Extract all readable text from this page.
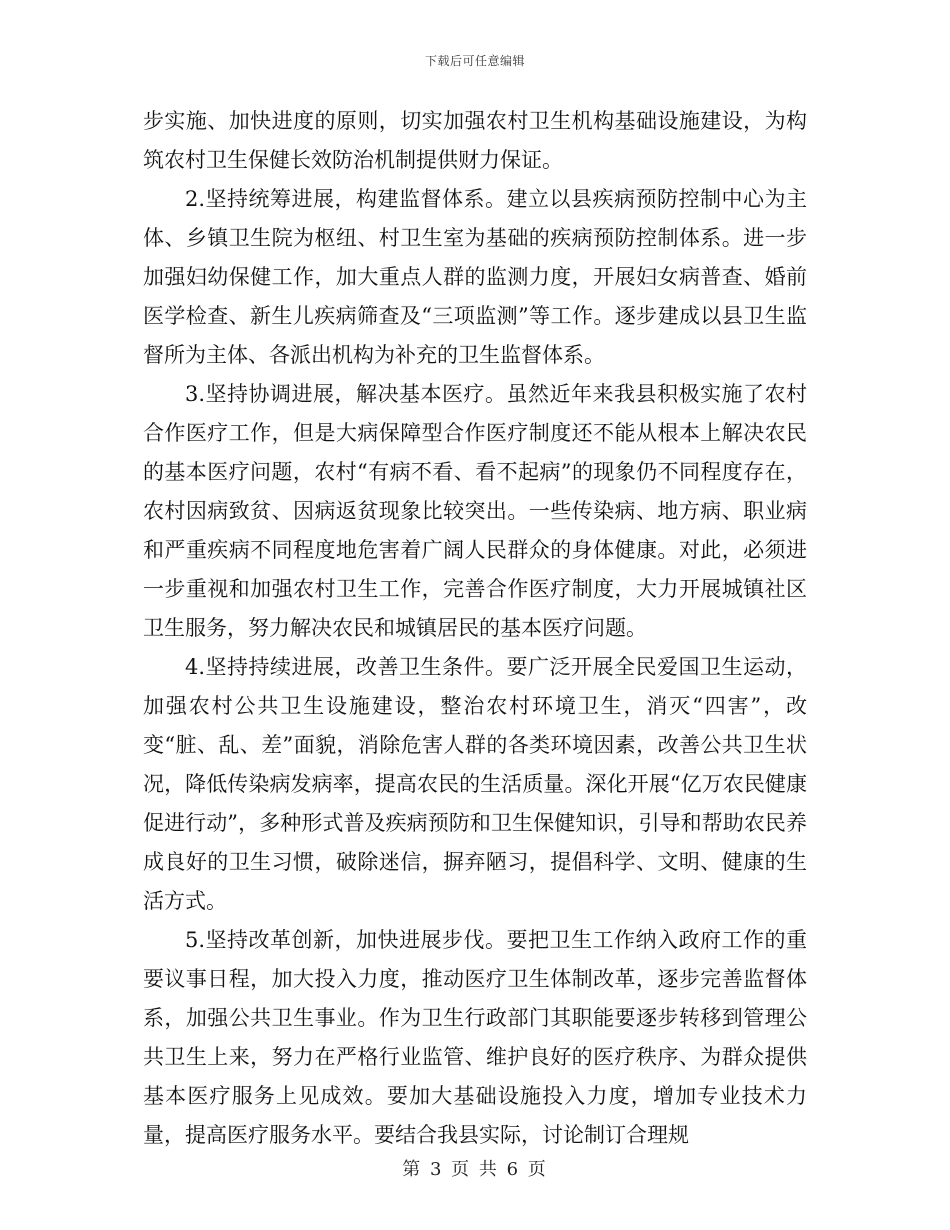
下载后可任意编辑

步实施、加快进度的原则，切实加强农村卫生机构基础设施建设，为构筑农村卫生保健长效防治机制提供财力保证。

2.坚持统筹进展，构建监督体系。建立以县疾病预防控制中心为主体、乡镇卫生院为枢纽、村卫生室为基础的疾病预防控制体系。进一步加强妇幼保健工作，加大重点人群的监测力度，开展妇女病普查、婚前医学检查、新生儿疾病筛查及“三项监测”等工作。逐步建成以县卫生监督所为主体、各派出机构为补充的卫生监督体系。

3.坚持协调进展，解决基本医疗。虽然近年来我县积极实施了农村合作医疗工作，但是大病保障型合作医疗制度还不能从根本上解决农民的基本医疗问题，农村“有病不看、看不起病”的现象仍不同程度存在，农村因病致贫、因病返贫现象比较突出。一些传染病、地方病、职业病和严重疾病不同程度地危害着广阔人民群众的身体健康。对此，必须进一步重视和加强农村卫生工作，完善合作医疗制度，大力开展城镇社区卫生服务，努力解决农民和城镇居民的基本医疗问题。

4.坚持持续进展，改善卫生条件。要广泛开展全民爱国卫生运动，加强农村公共卫生设施建设，整治农村环境卫生，消灭“四害”，改变“脏、乱、差”面貌，消除危害人群的各类环境因素，改善公共卫生状况，降低传染病发病率，提高农民的生活质量。深化开展“亿万农民健康促进行动”，多种形式普及疾病预防和卫生保健知识，引导和帮助农民养成良好的卫生习惯，破除迷信，摒弃陋习，提倡科学、文明、健康的生活方式。

5.坚持改革创新，加快进展步伐。要把卫生工作纳入政府工作的重要议事日程，加大投入力度，推动医疗卫生体制改革，逐步完善监督体系，加强公共卫生事业。作为卫生行政部门其职能要逐步转移到管理公共卫生上来，努力在严格行业监管、维护良好的医疗秩序、为群众提供基本医疗服务上见成效。要加大基础设施投入力度，增加专业技术力量，提高医疗服务水平。要结合我县实际，讨论制订合理规

第 3 页 共 6 页
